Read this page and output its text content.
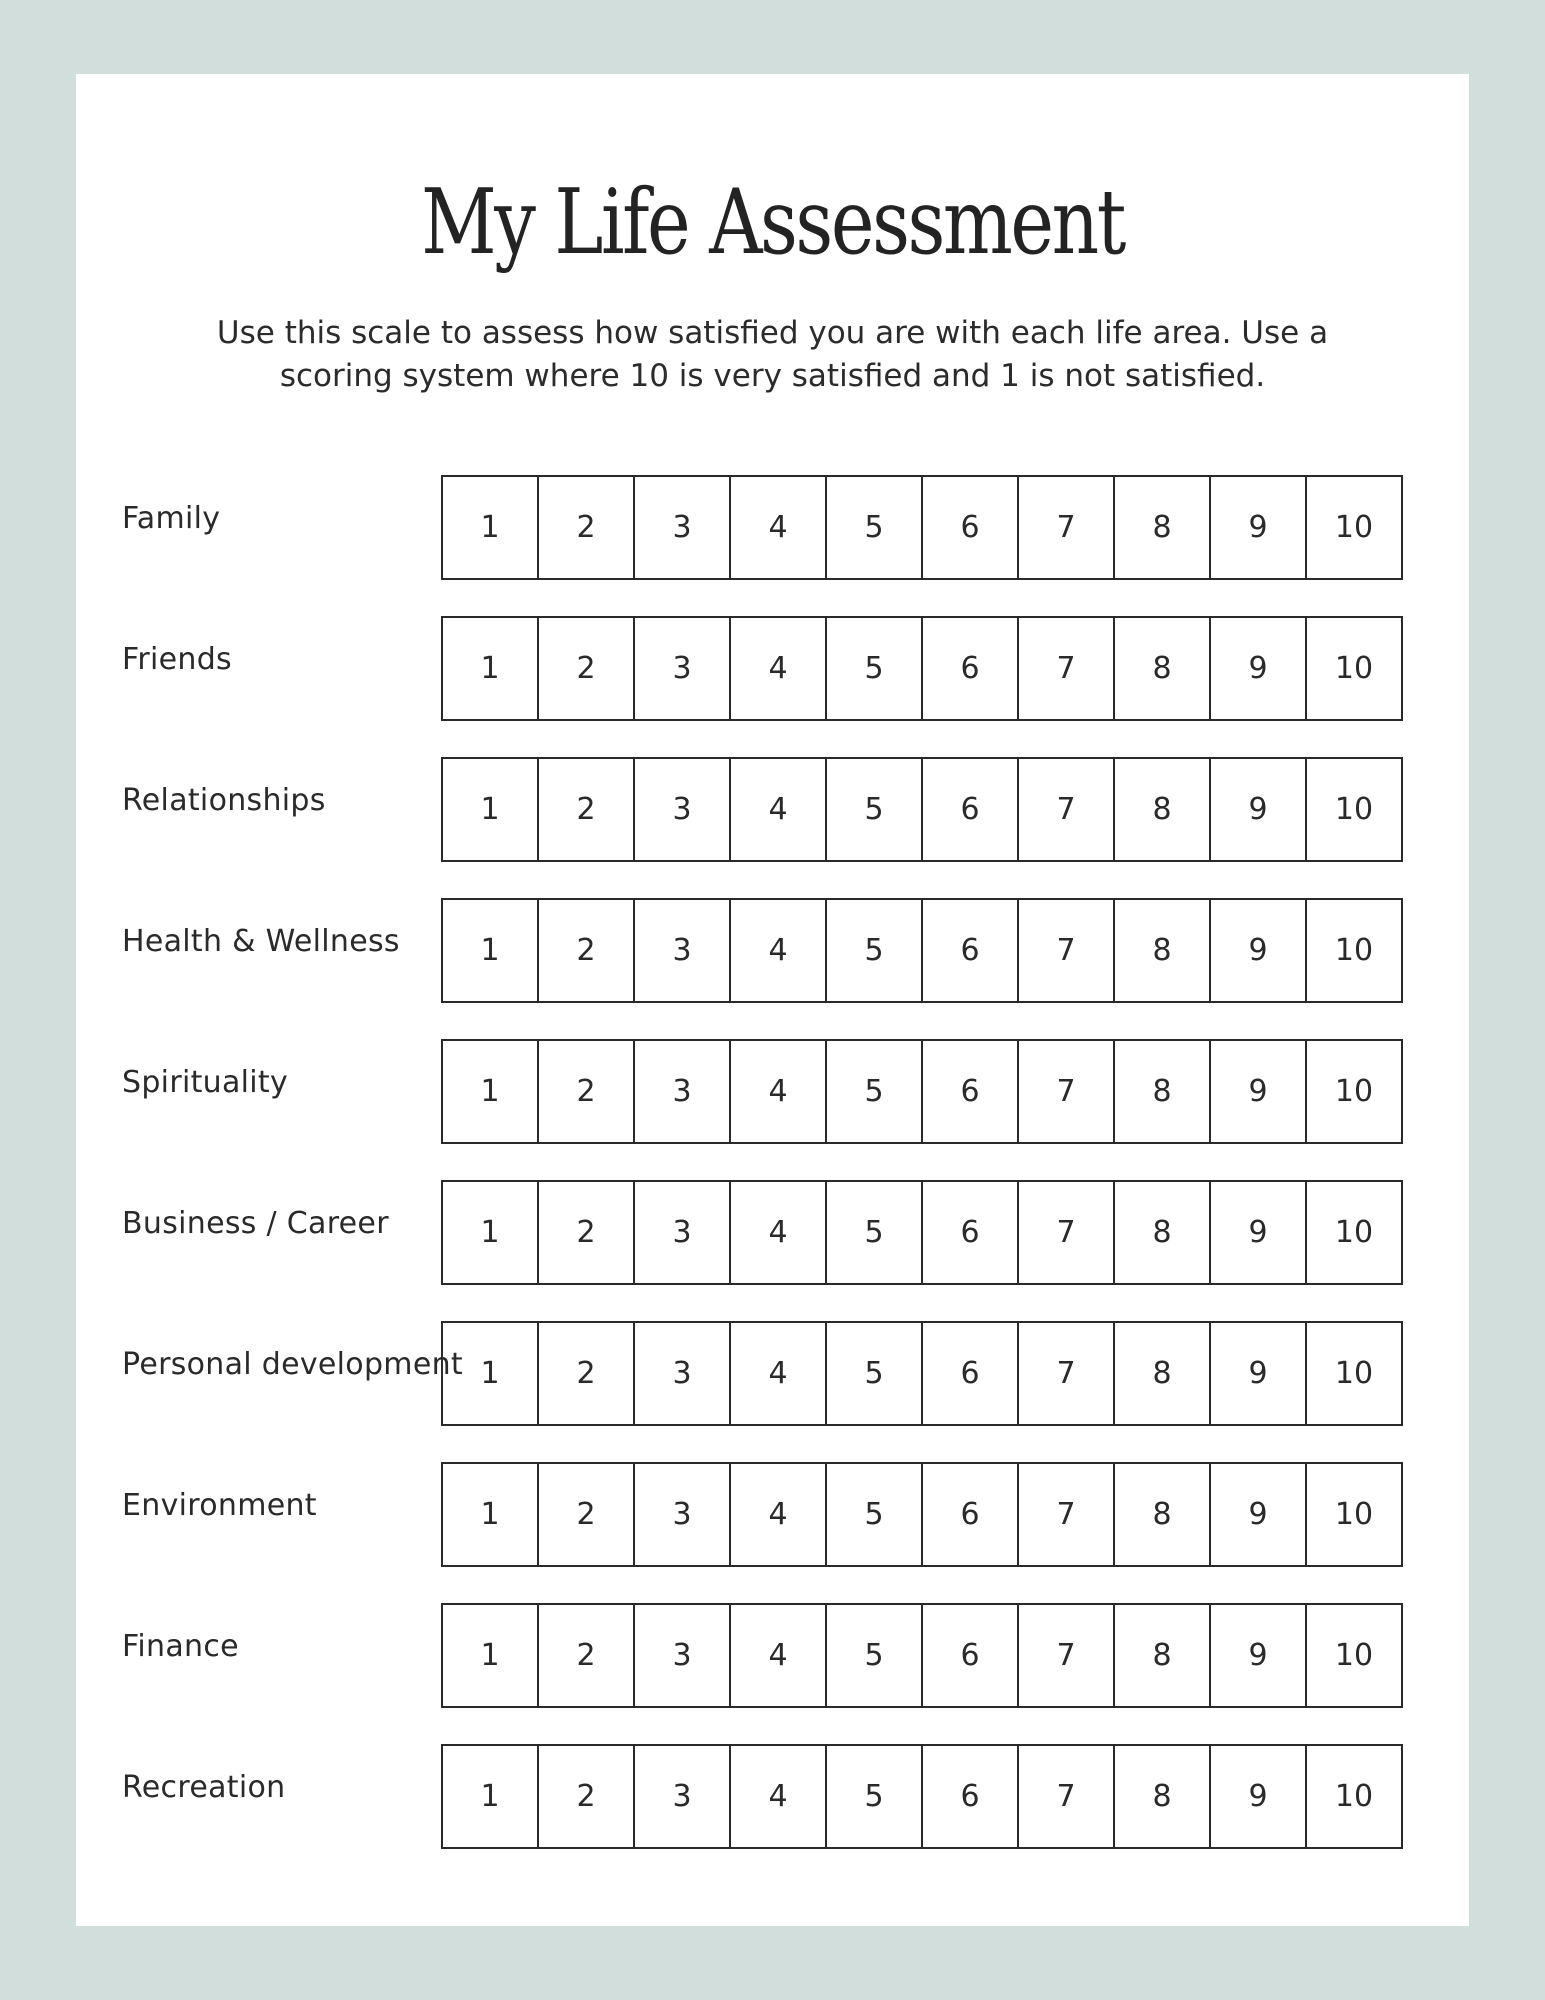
My Life Assessment

Use this scale to assess how satisfied you are with each life area. Use a scoring system where 10 is very satisfied and 1 is not satisfied.

Family	1	2	3	4	5	6	7	8	9	10
Friends	1	2	3	4	5	6	7	8	9	10
Relationships	1	2	3	4	5	6	7	8	9	10
Health & Wellness	1	2	3	4	5	6	7	8	9	10
Spirituality	1	2	3	4	5	6	7	8	9	10
Business / Career	1	2	3	4	5	6	7	8	9	10
Personal development 1	2	3	4	5	6	7	8	9	10
Environment	1	2	3	4	5	6	7	8	9	10
Finance	1	2	3	4	5	6	7	8	9	10
Recreation	1	2	3	4	5	6	7	8	9	10
